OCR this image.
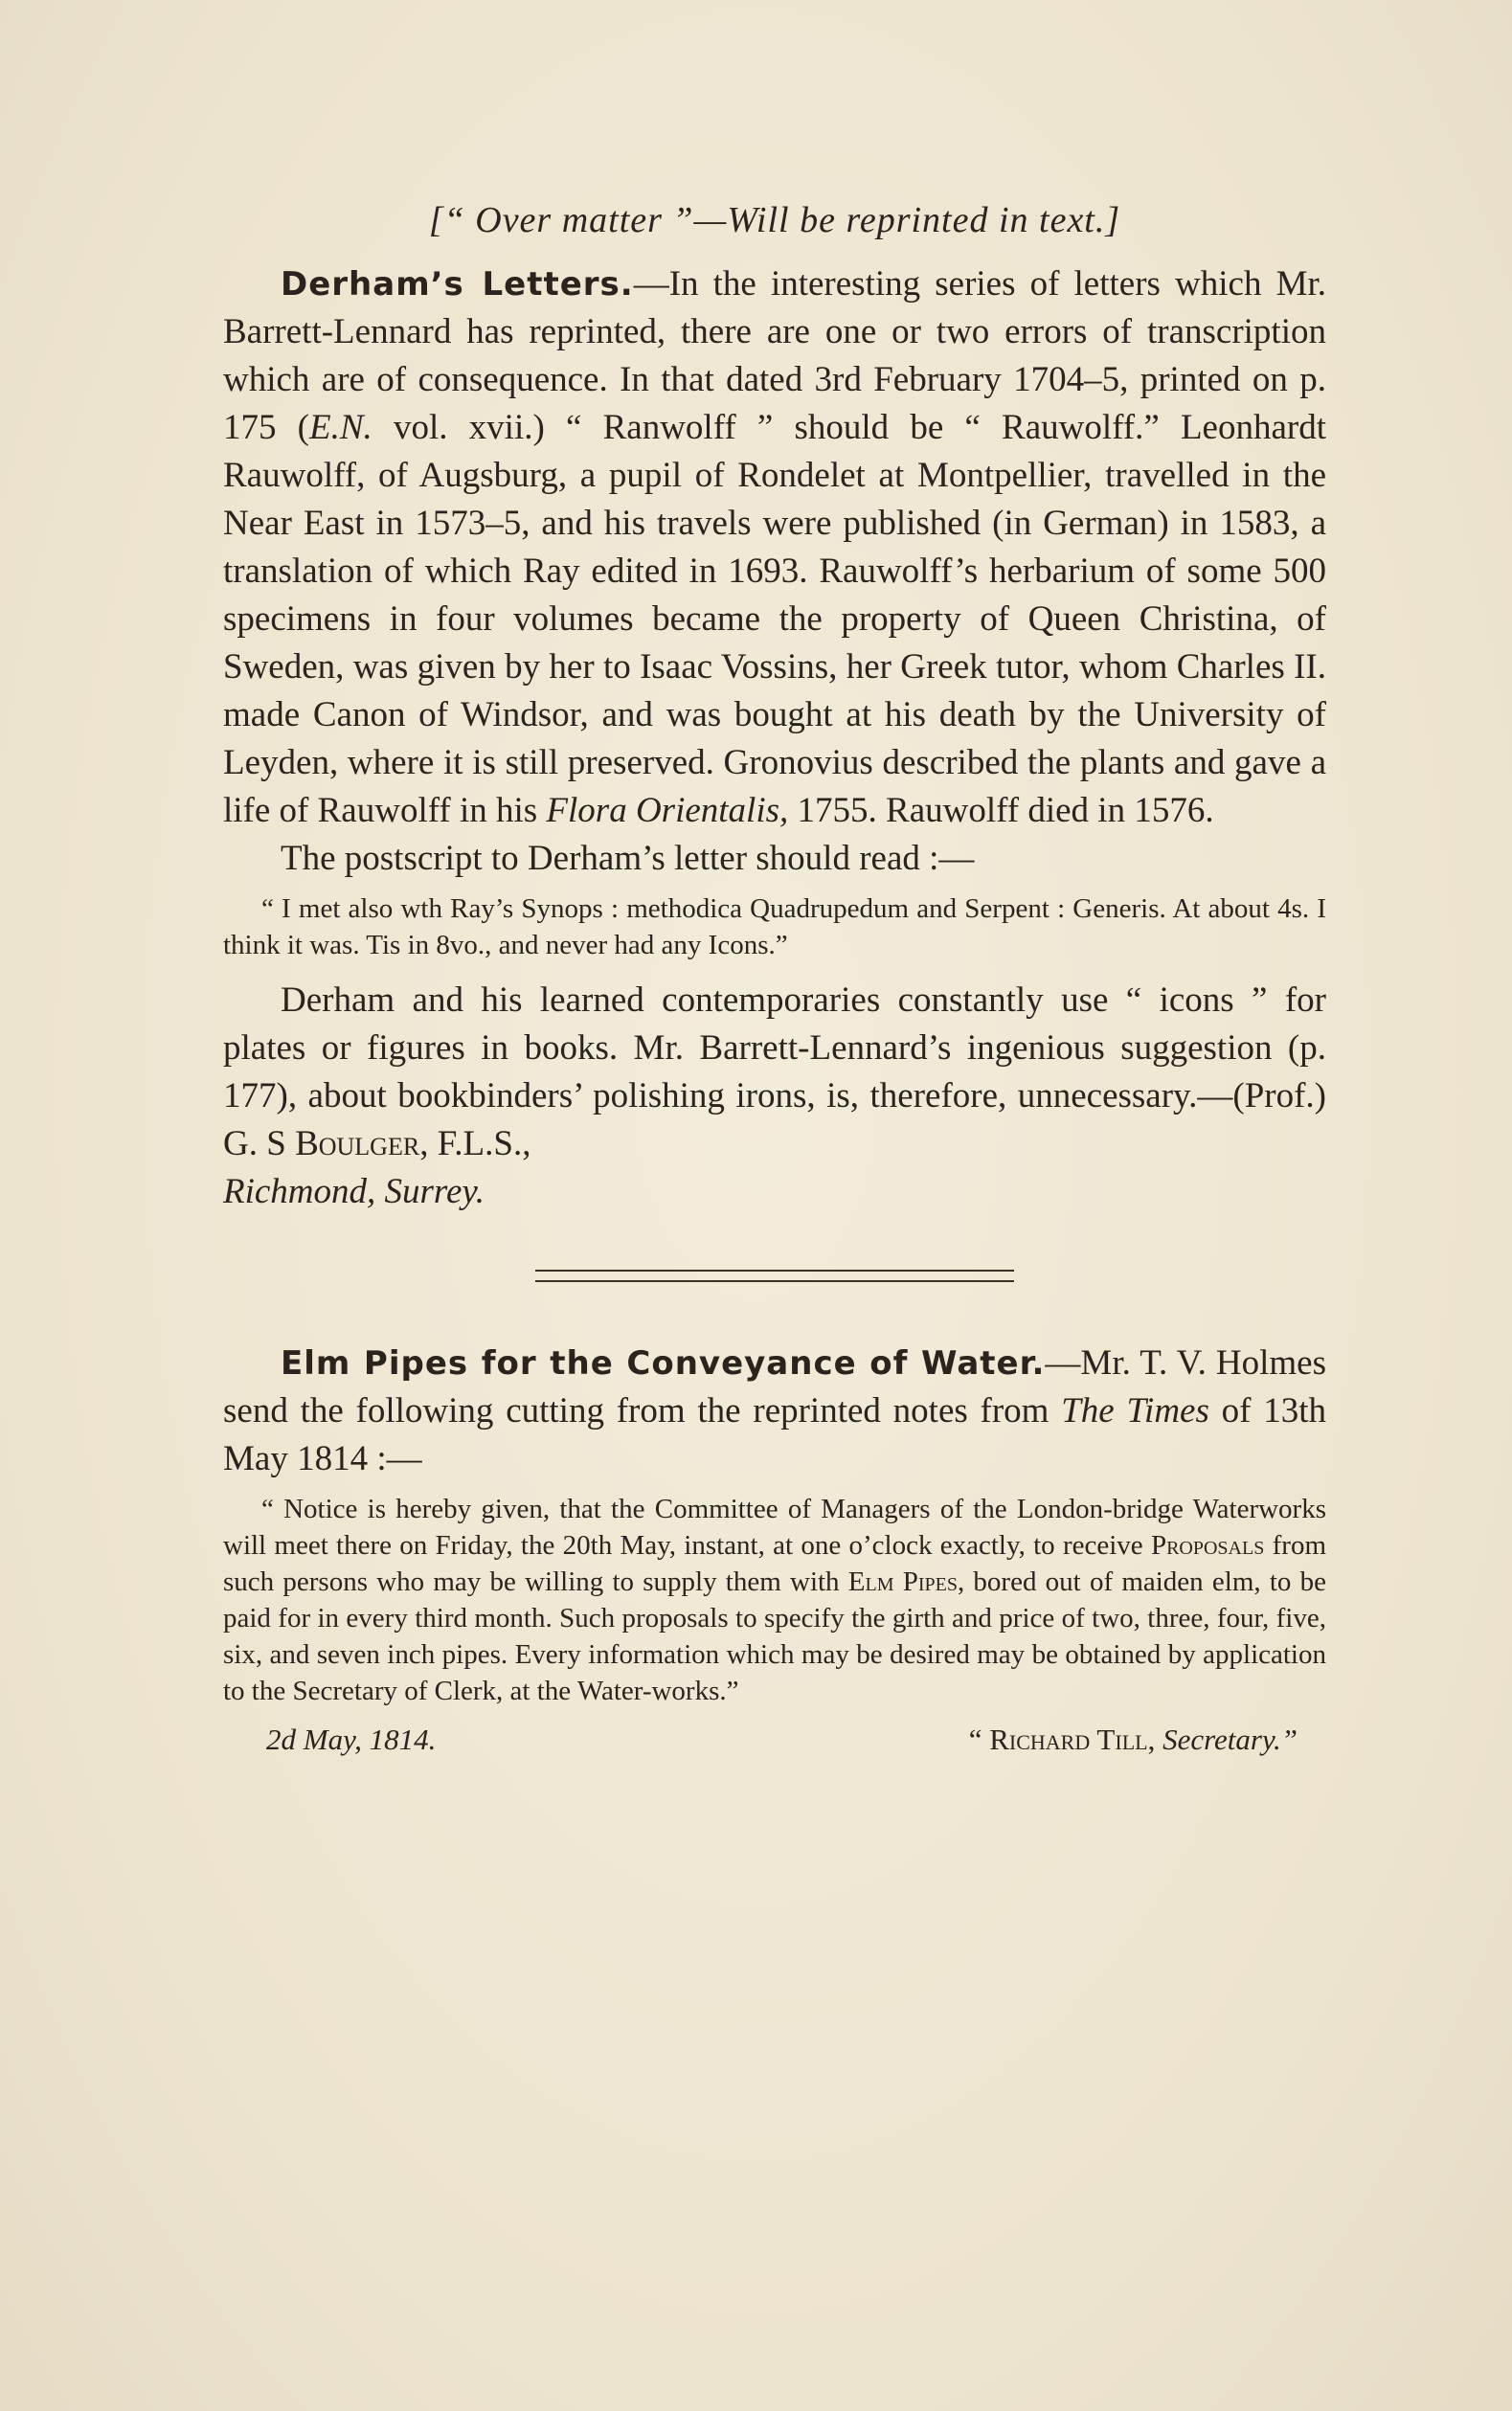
[“ Over matter ”—Will be reprinted in text.]

Derham’s Letters.—In the interesting series of letters which Mr. Barrett-Lennard has reprinted, there are one or two errors of transcription which are of consequence. In that dated 3rd February 1704–5, printed on p. 175 (E.N. vol. xvii.) “ Ranwolff ” should be “ Rauwolff.” Leonhardt Rauwolff, of Augsburg, a pupil of Rondelet at Montpellier, travelled in the Near East in 1573–5, and his travels were published (in German) in 1583, a translation of which Ray edited in 1693. Rauwolff’s herbarium of some 500 specimens in four volumes became the property of Queen Christina, of Sweden, was given by her to Isaac Vossins, her Greek tutor, whom Charles II. made Canon of Windsor, and was bought at his death by the University of Leyden, where it is still preserved. Gronovius described the plants and gave a life of Rauwolff in his Flora Orientalis, 1755. Rauwolff died in 1576.

The postscript to Derham’s letter should read :—

“ I met also wth Ray’s Synops : methodica Quadrupedum and Serpent : Generis. At about 4s. I think it was. Tis in 8vo., and never had any Icons.”

Derham and his learned contemporaries constantly use “ icons ” for plates or figures in books. Mr. Barrett-Lennard’s ingenious suggestion (p. 177), about bookbinders’ polishing irons, is, therefore, unnecessary.—(Prof.) G. S Boulger, F.L.S.,
Richmond, Surrey.

Elm Pipes for the Conveyance of Water.—Mr. T. V. Holmes send the following cutting from the reprinted notes from The Times of 13th May 1814 :—

“ Notice is hereby given, that the Committee of Managers of the London-bridge Waterworks will meet there on Friday, the 20th May, instant, at one o’clock exactly, to receive Proposals from such persons who may be willing to supply them with Elm Pipes, bored out of maiden elm, to be paid for in every third month. Such proposals to specify the girth and price of two, three, four, five, six, and seven inch pipes. Every information which may be desired may be obtained by application to the Secretary of Clerk, at the Water-works.”

2d May, 1814.	“ Richard Till, Secretary.”
